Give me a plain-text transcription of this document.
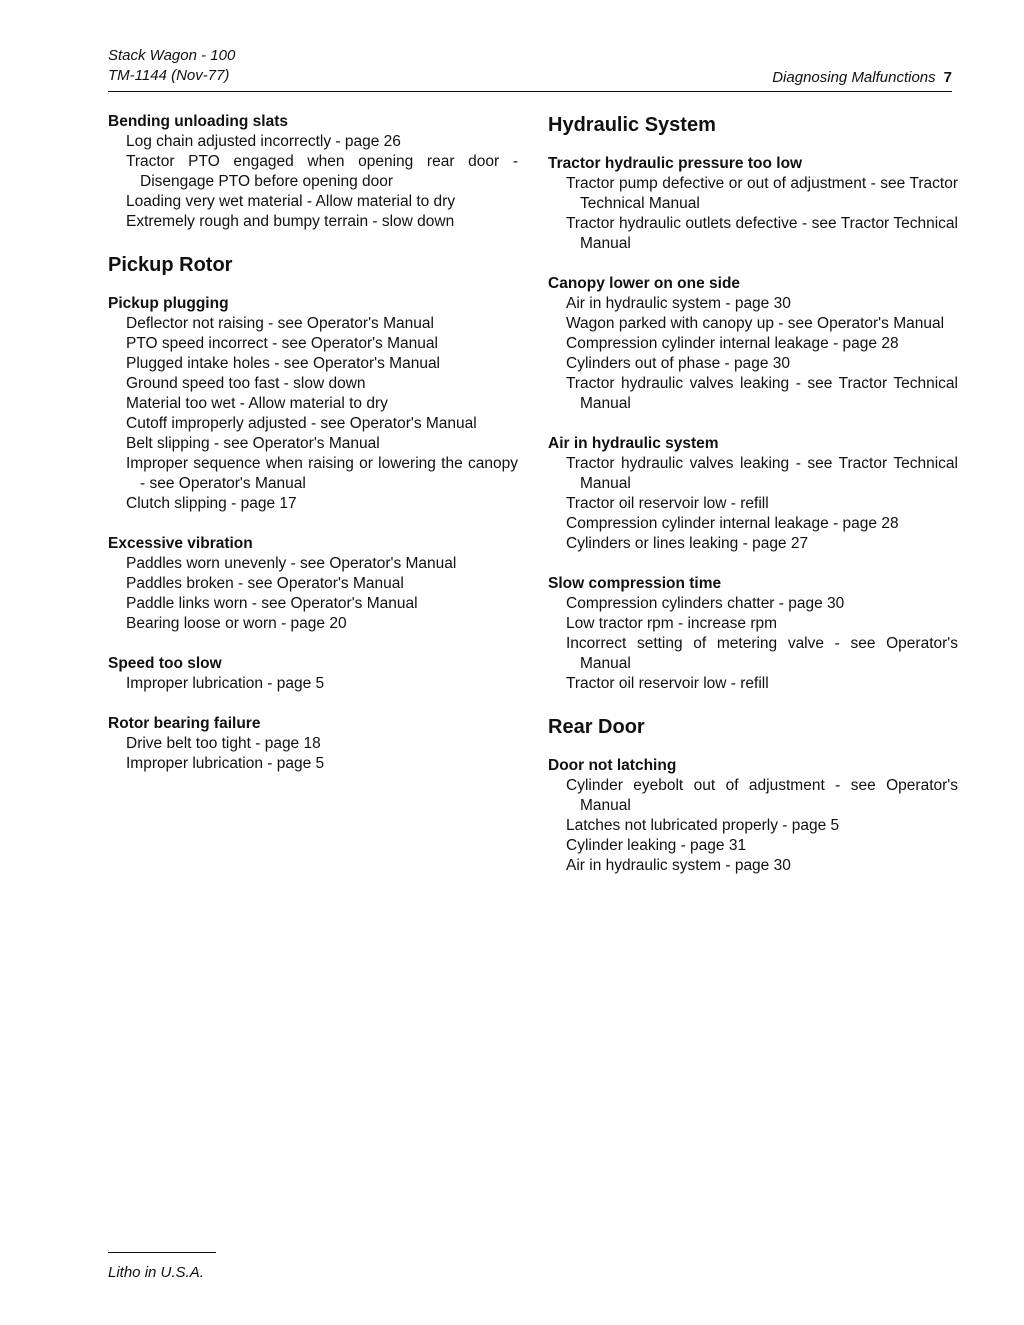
Stack Wagon - 100
TM-1144 (Nov-77)	Diagnosing Malfunctions 7
Bending unloading slats
Log chain adjusted incorrectly - page 26
Tractor PTO engaged when opening rear door - Disengage PTO before opening door
Loading very wet material - Allow material to dry
Extremely rough and bumpy terrain - slow down
Pickup Rotor
Pickup plugging
Deflector not raising - see Operator's Manual
PTO speed incorrect - see Operator's Manual
Plugged intake holes - see Operator's Manual
Ground speed too fast - slow down
Material too wet - Allow material to dry
Cutoff improperly adjusted - see Operator's Manual
Belt slipping - see Operator's Manual
Improper sequence when raising or lowering the canopy - see Operator's Manual
Clutch slipping - page 17
Excessive vibration
Paddles worn unevenly - see Operator's Manual
Paddles broken - see Operator's Manual
Paddle links worn - see Operator's Manual
Bearing loose or worn - page 20
Speed too slow
Improper lubrication - page 5
Rotor bearing failure
Drive belt too tight - page 18
Improper lubrication - page 5
Hydraulic System
Tractor hydraulic pressure too low
Tractor pump defective or out of adjustment - see Tractor Technical Manual
Tractor hydraulic outlets defective - see Tractor Technical Manual
Canopy lower on one side
Air in hydraulic system - page 30
Wagon parked with canopy up - see Operator's Manual
Compression cylinder internal leakage - page 28
Cylinders out of phase - page 30
Tractor hydraulic valves leaking - see Tractor Technical Manual
Air in hydraulic system
Tractor hydraulic valves leaking - see Tractor Technical Manual
Tractor oil reservoir low - refill
Compression cylinder internal leakage - page 28
Cylinders or lines leaking - page 27
Slow compression time
Compression cylinders chatter - page 30
Low tractor rpm - increase rpm
Incorrect setting of metering valve - see Operator's Manual
Tractor oil reservoir low - refill
Rear Door
Door not latching
Cylinder eyebolt out of adjustment - see Operator's Manual
Latches not lubricated properly - page 5
Cylinder leaking - page 31
Air in hydraulic system - page 30
Litho in U.S.A.
